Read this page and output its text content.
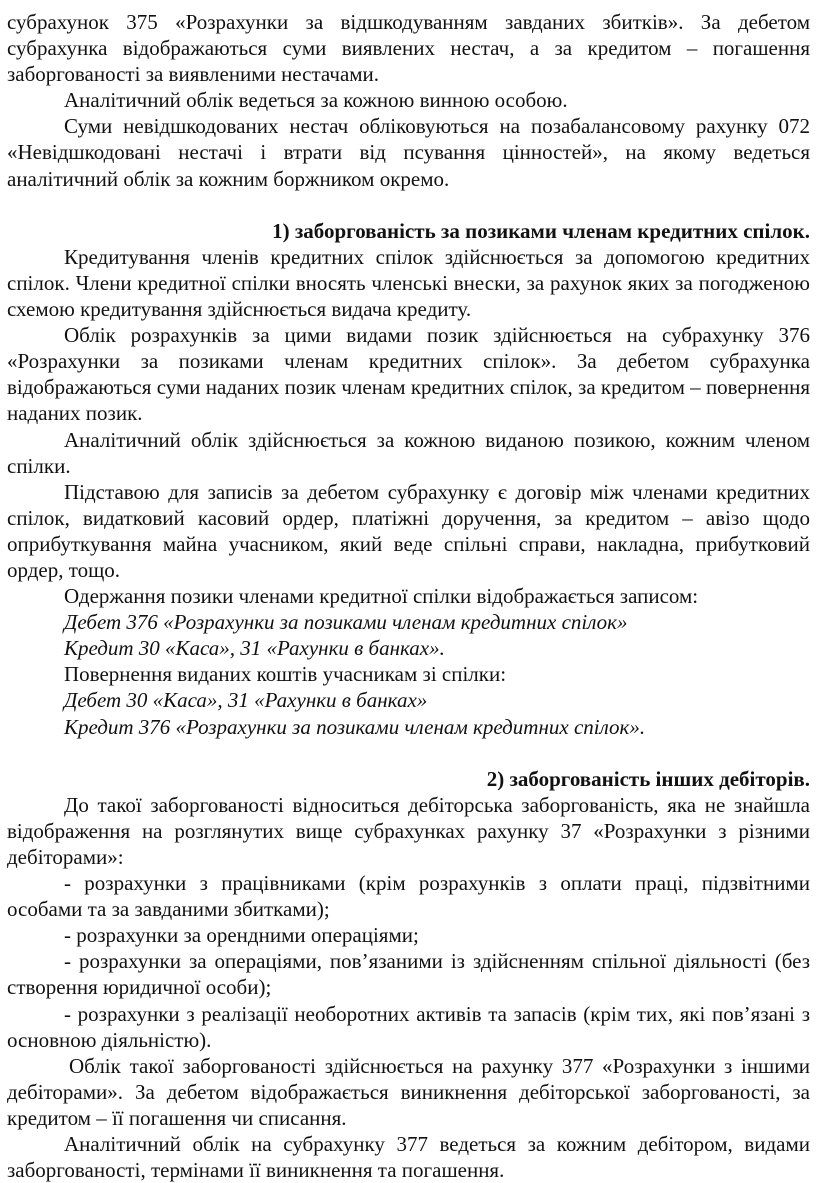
субрахунок 375 «Розрахунки за відшкодуванням завданих збитків». За дебетом субрахунка відображаються суми виявлених нестач, а за кредитом – погашення заборгованості за виявленими нестачами.

Аналітичний облік ведеться за кожною винною особою.

Суми невідшкодованих нестач обліковуються на позабалансовому рахунку 072 «Невідшкодовані нестачі і втрати від псування цінностей», на якому ведеться аналітичний облік за кожним боржником окремо.

1) заборгованість за позиками членам кредитних спілок.

Кредитування членів кредитних спілок здійснюється за допомогою кредитних спілок. Члени кредитної спілки вносять членські внески, за рахунок яких за погодженою схемою кредитування здійснюється видача кредиту.

Облік розрахунків за цими видами позик здійснюється на субрахунку 376 «Розрахунки за позиками членам кредитних спілок». За дебетом субрахунка відображаються суми наданих позик членам кредитних спілок, за кредитом – повернення наданих позик.

Аналітичний облік здійснюється за кожною виданою позикою, кожним членом спілки.

Підставою для записів за дебетом субрахунку є договір між членами кредитних спілок, видатковий касовий ордер, платіжні доручення, за кредитом – авізо щодо оприбуткування майна учасником, який веде спільні справи, накладна, прибутковий ордер, тощо.

Одержання позики членами кредитної спілки відображається записом:

Дебет 376 «Розрахунки за позиками членам кредитних спілок»

Кредит 30 «Каса», 31 «Рахунки в банках».

Повернення виданих коштів учасникам зі спілки:

Дебет 30 «Каса», 31 «Рахунки в банках»

Кредит 376 «Розрахунки за позиками членам кредитних спілок».

2) заборгованість інших дебіторів.

До такої заборгованості відноситься дебіторська заборгованість, яка не знайшла відображення на розглянутих вище субрахунках рахунку 37 «Розрахунки з різними дебіторами»:

- розрахунки з працівниками (крім розрахунків з оплати праці, підзвітними особами та за завданими збитками);

- розрахунки за орендними операціями;

- розрахунки за операціями, пов’язаними із здійсненням спільної діяльності (без створення юридичної особи);

- розрахунки з реалізації необоротних активів та запасів (крім тих, які пов’язані з основною діяльністю).

Облік такої заборгованості здійснюється на рахунку 377 «Розрахунки з іншими дебіторами». За дебетом відображається виникнення дебіторської заборгованості, за кредитом – її погашення чи списання.

Аналітичний облік на субрахунку 377 ведеться за кожним дебітором, видами заборгованості, термінами її виникнення та погашення.
